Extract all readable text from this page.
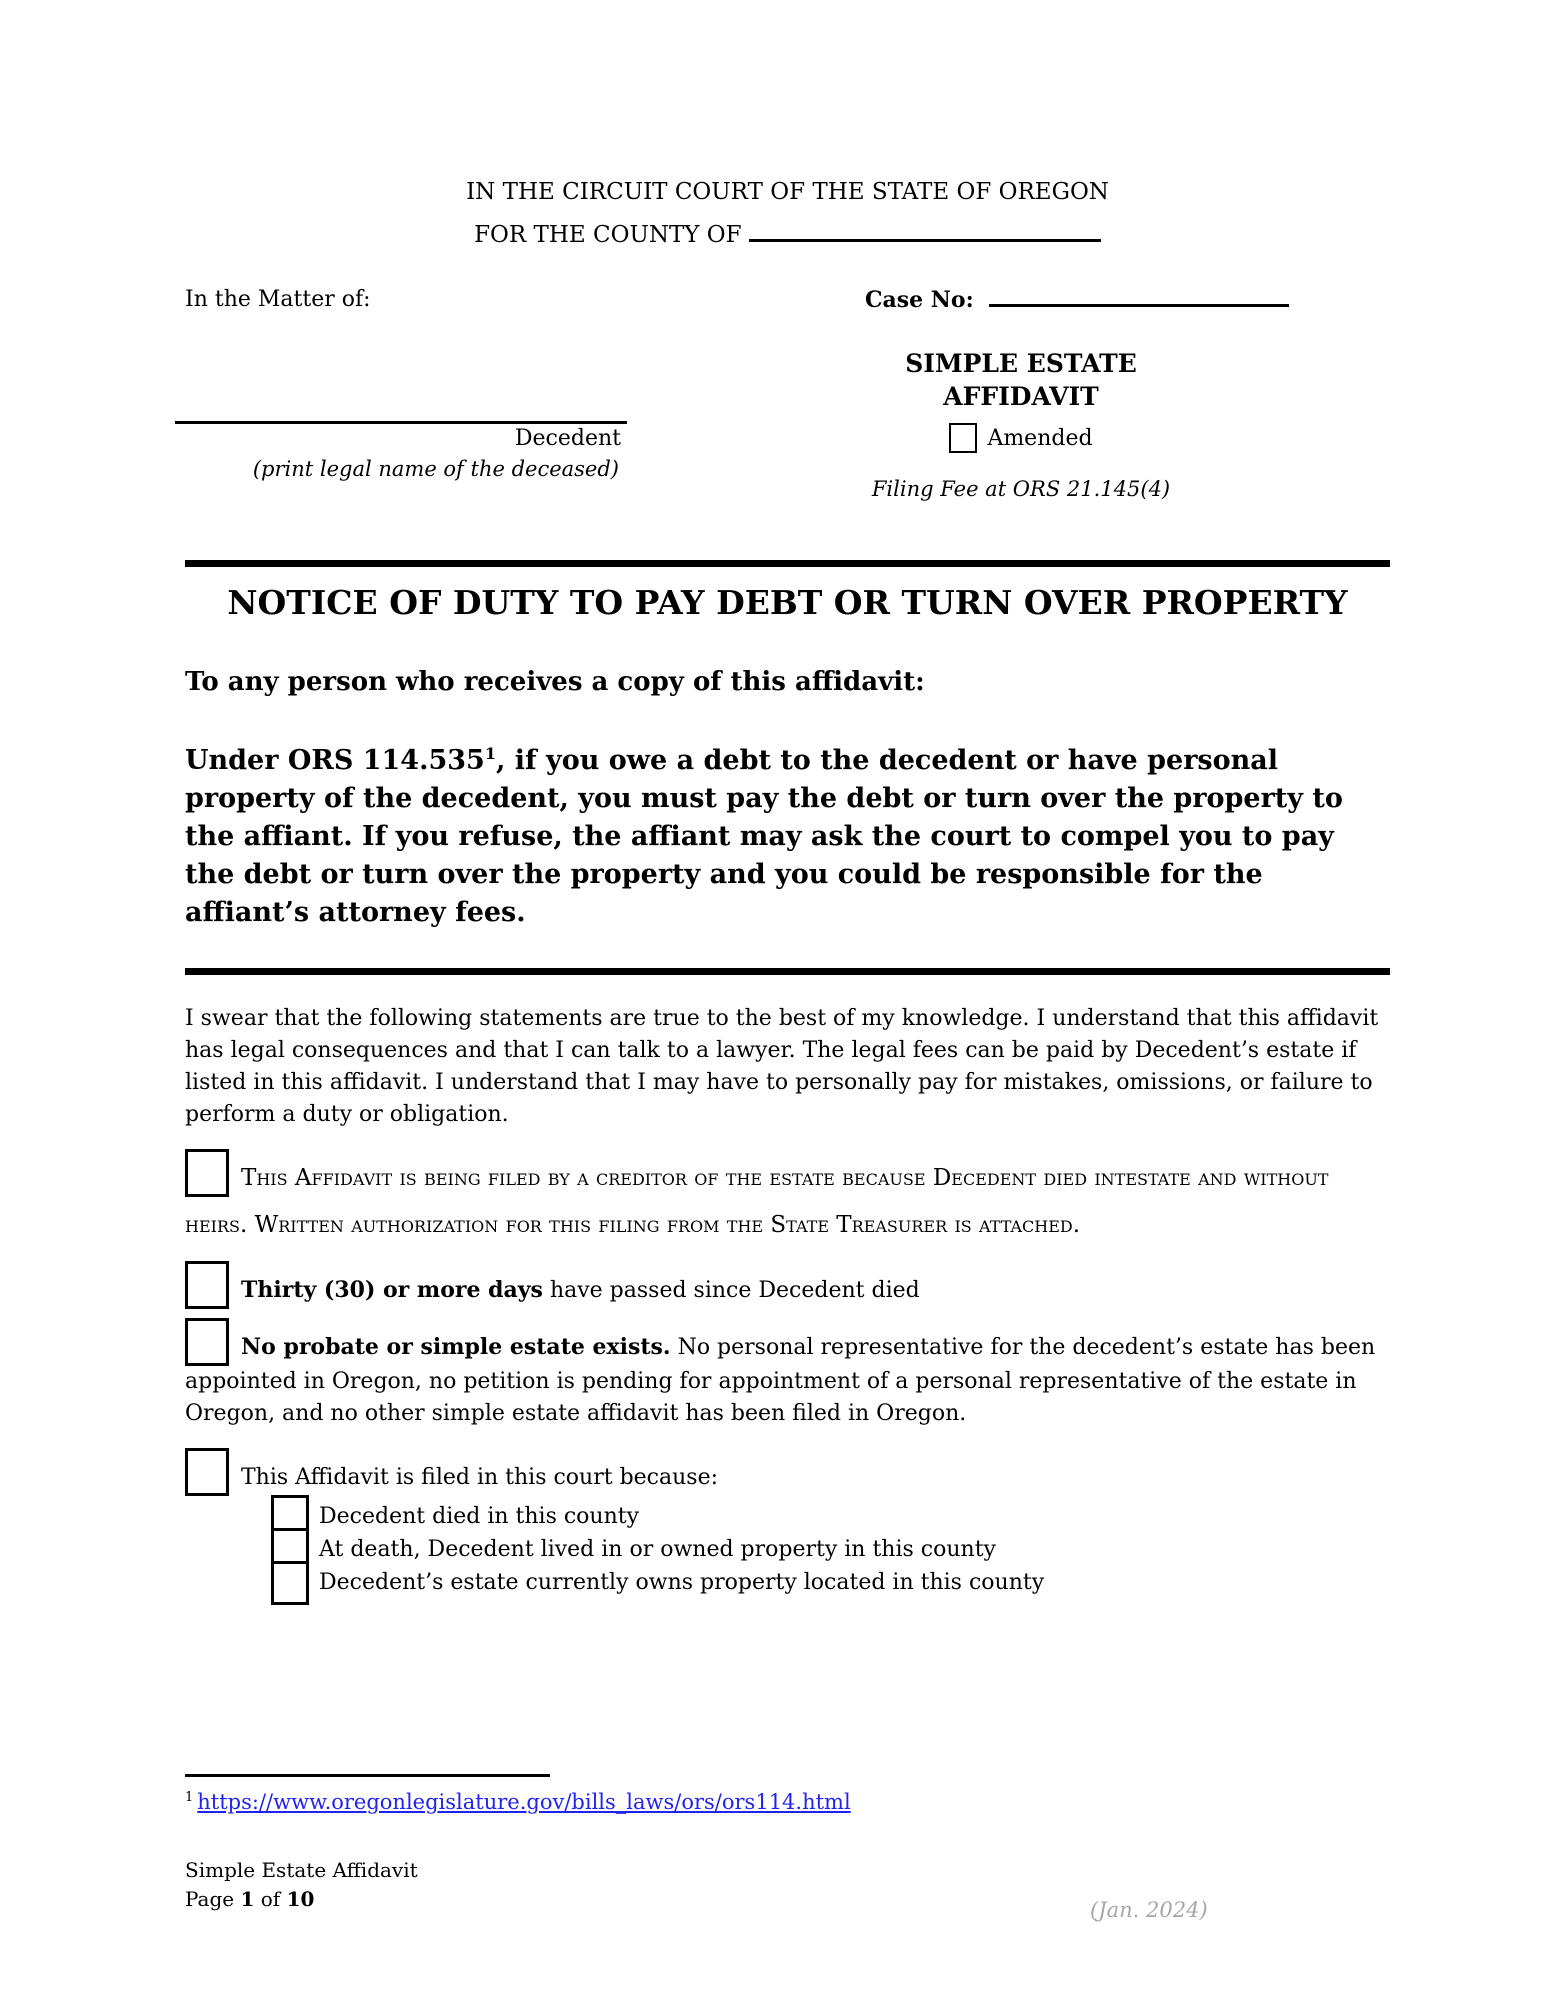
IN THE CIRCUIT COURT OF THE STATE OF OREGON
FOR THE COUNTY OF
In the Matter of:	Case No:
Decedent
(print legal name of the deceased)
SIMPLE ESTATE
AFFIDAVIT
Amended
Filing Fee at ORS 21.145(4)
NOTICE OF DUTY TO PAY DEBT OR TURN OVER PROPERTY
To any person who receives a copy of this affidavit:
Under ORS 114.535$^1$, if you owe a debt to the decedent or have personal property of the decedent, you must pay the debt or turn over the property to the affiant. If you refuse, the affiant may ask the court to compel you to pay the debt or turn over the property and you could be responsible for the affiant’s attorney fees.
I swear that the following statements are true to the best of my knowledge. I understand that this affidavit has legal consequences and that I can talk to a lawyer. The legal fees can be paid by Decedent’s estate if listed in this affidavit. I understand that I may have to personally pay for mistakes, omissions, or failure to perform a duty or obligation.
This Affidavit is being filed by a creditor of the estate because Decedent died intestate and without heirs. Written authorization for this filing from the State Treasurer is attached.
Thirty (30) or more days have passed since Decedent died
No probate or simple estate exists. No personal representative for the decedent’s estate has been appointed in Oregon, no petition is pending for appointment of a personal representative of the estate in Oregon, and no other simple estate affidavit has been filed in Oregon.
This Affidavit is filed in this court because:
Decedent died in this county
At death, Decedent lived in or owned property in this county
Decedent’s estate currently owns property located in this county
$^1$ https://www.oregonlegislature.gov/bills_laws/ors/ors114.html
Simple Estate Affidavit
Page 1 of 10	(Jan. 2024)
